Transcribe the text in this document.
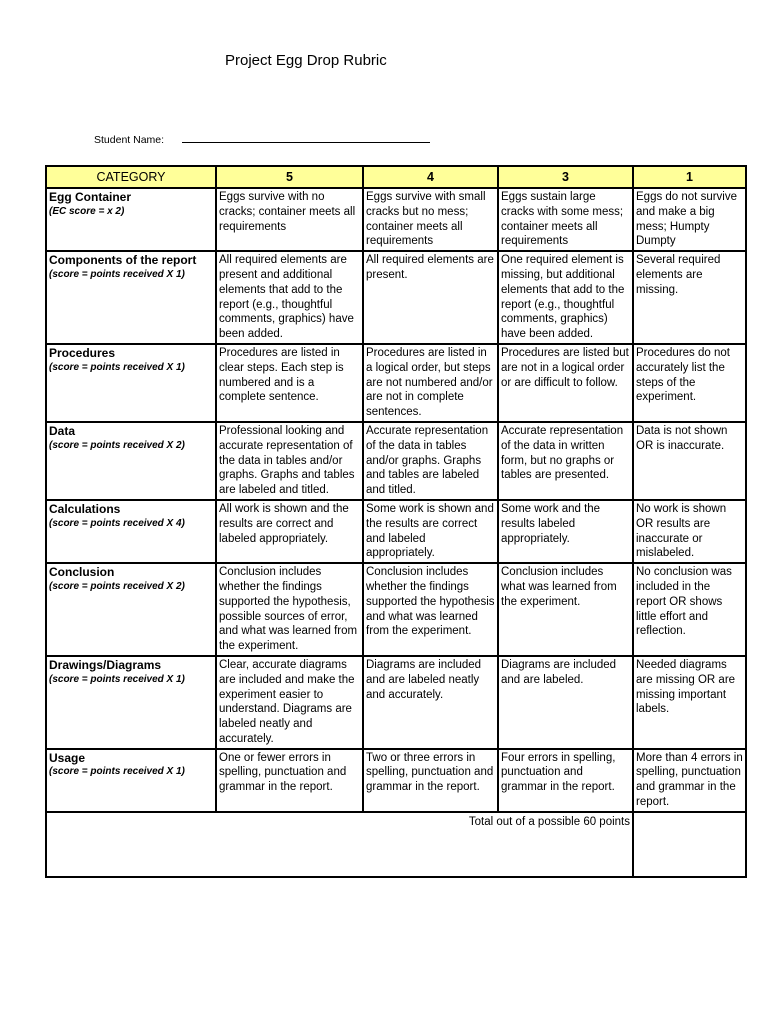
Project Egg Drop Rubric
Student Name:
CATEGORY	5	4	3	1

Egg Container
(EC score = x 2)	Eggs survive with no cracks; container meets all requirements	Eggs survive with small cracks but no mess; container meets all requirements	Eggs sustain large cracks with some mess; container meets all requirements	Eggs do not survive and make a big mess; Humpty Dumpty

Components of the report
(score = points received X 1)	All required elements are present and additional elements that add to the report (e.g., thoughtful comments, graphics) have been added.	All required elements are present.	One required element is missing, but additional elements that add to the report (e.g., thoughtful comments, graphics) have been added.	Several required elements are missing.

Procedures
(score = points received X 1)	Procedures are listed in clear steps. Each step is numbered and is a complete sentence.	Procedures are listed in a logical order, but steps are not numbered and/or are not in complete sentences.	Procedures are listed but are not in a logical order or are difficult to follow.	Procedures do not accurately list the steps of the experiment.

Data
(score = points received X 2)	Professional looking and accurate representation of the data in tables and/or graphs. Graphs and tables are labeled and titled.	Accurate representation of the data in tables and/or graphs. Graphs and tables are labeled and titled.	Accurate representation of the data in written form, but no graphs or tables are presented.	Data is not shown OR is inaccurate.

Calculations
(score = points received X 4)	All work is shown and the results are correct and labeled appropriately.	Some work is shown and the results are correct and labeled appropriately.	Some work and the results labeled appropriately.	No work is shown OR results are inaccurate or mislabeled.

Conclusion
(score = points received X 2)	Conclusion includes whether the findings supported the hypothesis, possible sources of error, and what was learned from the experiment.	Conclusion includes whether the findings supported the hypothesis and what was learned from the experiment.	Conclusion includes what was learned from the experiment.	No conclusion was included in the report OR shows little effort and reflection.

Drawings/Diagrams
(score = points received X 1)	Clear, accurate diagrams are included and make the experiment easier to understand. Diagrams are labeled neatly and accurately.	Diagrams are included and are labeled neatly and accurately.	Diagrams are included and are labeled.	Needed diagrams are missing OR are missing important labels.

Usage
(score = points received X 1)	One or fewer errors in spelling, punctuation and grammar in the report.	Two or three errors in spelling, punctuation and grammar in the report.	Four errors in spelling, punctuation and grammar in the report.	More than 4 errors in spelling, punctuation and grammar in the report.
Total out of a possible 60 points				
